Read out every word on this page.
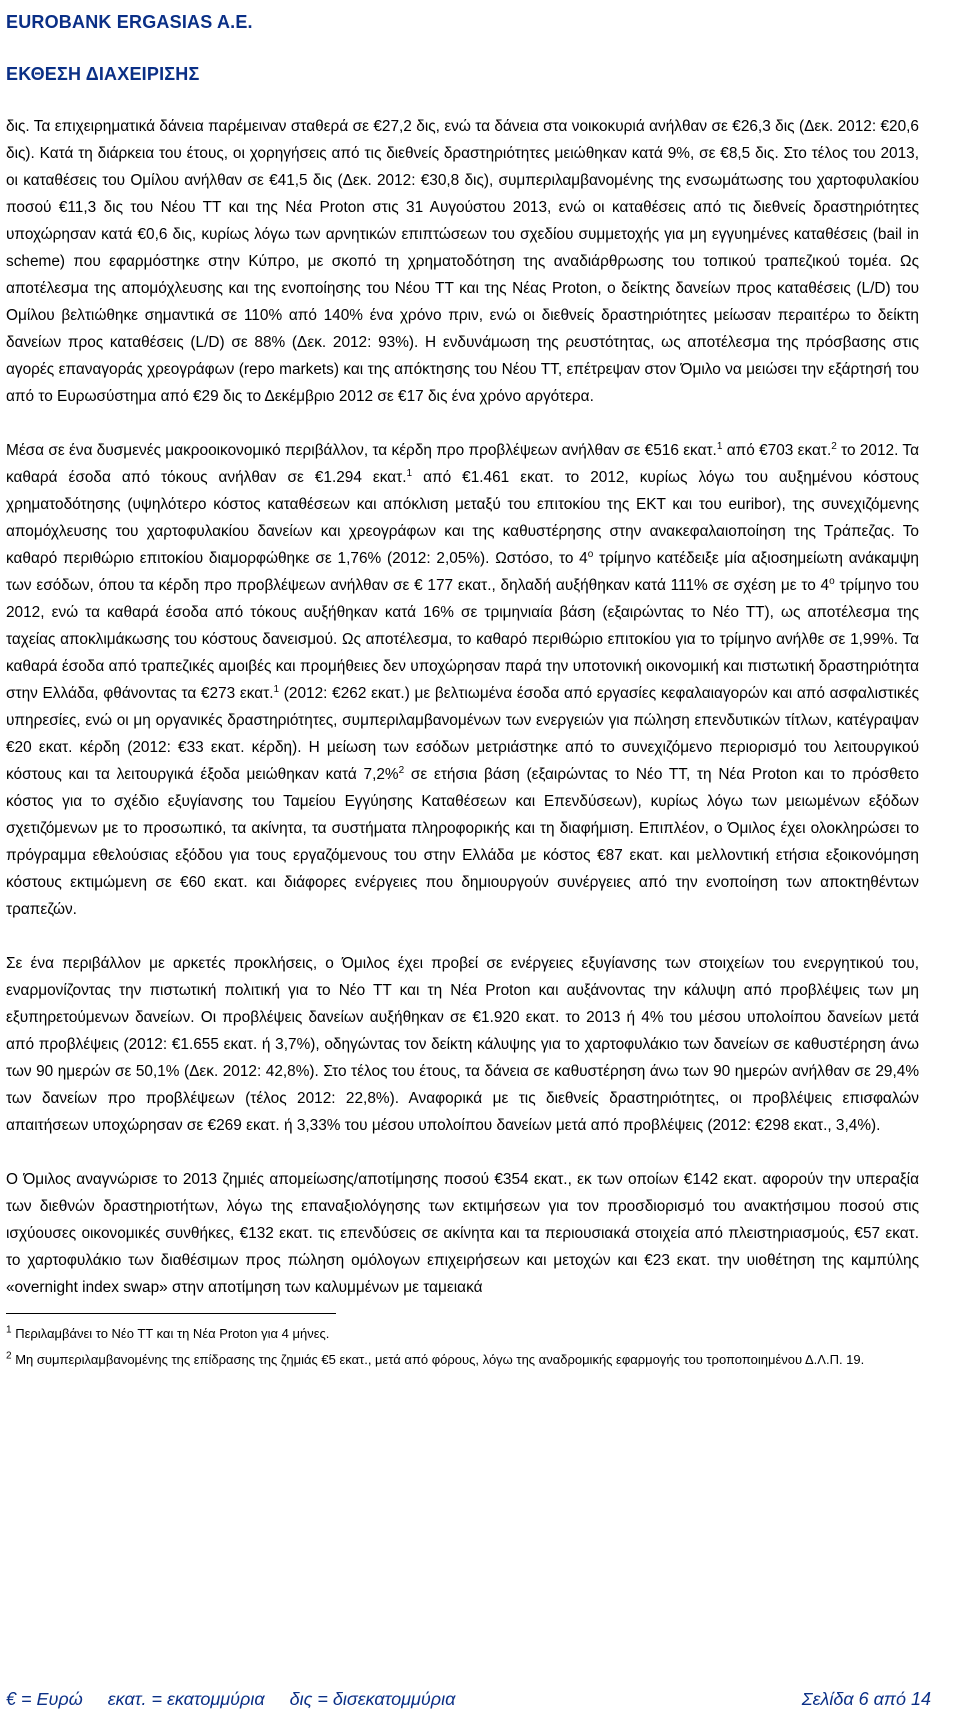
EUROBANK ERGASIAS A.E.
ΕΚΘΕΣΗ ΔΙΑΧΕΙΡΙΣΗΣ

δις. Τα επιχειρηματικά δάνεια παρέμειναν σταθερά σε €27,2 δις, ενώ τα δάνεια στα νοικοκυριά ανήλθαν σε €26,3 δις (Δεκ. 2012: €20,6 δις). Κατά τη διάρκεια του έτους, οι χορηγήσεις από τις διεθνείς δραστηριότητες μειώθηκαν κατά 9%, σε €8,5 δις. Στο τέλος του 2013, οι καταθέσεις του Ομίλου ανήλθαν σε €41,5 δις (Δεκ. 2012: €30,8 δις), συμπεριλαμβανομένης της ενσωμάτωσης του χαρτοφυλακίου ποσού €11,3 δις του Νέου ΤΤ και της Νέα Proton στις 31 Αυγούστου 2013, ενώ οι καταθέσεις από τις διεθνείς δραστηριότητες υποχώρησαν κατά €0,6 δις, κυρίως λόγω των αρνητικών επιπτώσεων του σχεδίου συμμετοχής για μη εγγυημένες καταθέσεις (bail in scheme) που εφαρμόστηκε στην Κύπρο, με σκοπό τη χρηματοδότηση της αναδιάρθρωσης του τοπικού τραπεζικού τομέα. Ως αποτέλεσμα της απομόχλευσης και της ενοποίησης του Νέου ΤΤ και της Νέας Proton, ο δείκτης δανείων προς καταθέσεις (L/D) του Ομίλου βελτιώθηκε σημαντικά σε 110% από 140% ένα χρόνο πριν, ενώ οι διεθνείς δραστηριότητες μείωσαν περαιτέρω το δείκτη δανείων προς καταθέσεις (L/D) σε 88% (Δεκ. 2012: 93%). Η ενδυνάμωση της ρευστότητας, ως αποτέλεσμα της πρόσβασης στις αγορές επαναγοράς χρεογράφων (repo markets) και της απόκτησης του Νέου ΤΤ, επέτρεψαν στον Όμιλο να μειώσει την εξάρτησή του από το Ευρωσύστημα από €29 δις το Δεκέμβριο 2012 σε €17 δις ένα χρόνο αργότερα.

Μέσα σε ένα δυσμενές μακροοικονομικό περιβάλλον, τα κέρδη προ προβλέψεων ανήλθαν σε €516 εκατ.$^1$ από €703 εκατ.$^2$ το 2012. Τα καθαρά έσοδα από τόκους ανήλθαν σε €1.294 εκατ.$^1$ από €1.461 εκατ. το 2012, κυρίως λόγω του αυξημένου κόστους χρηματοδότησης (υψηλότερο κόστος καταθέσεων και απόκλιση μεταξύ του επιτοκίου της ΕΚΤ και του euribor), της συνεχιζόμενης απομόχλευσης του χαρτοφυλακίου δανείων και χρεογράφων και της καθυστέρησης στην ανακεφαλαιοποίηση της Τράπεζας. Το καθαρό περιθώριο επιτοκίου διαμορφώθηκε σε 1,76% (2012: 2,05%). Ωστόσο, το $4^o$ τρίμηνο κατέδειξε μία αξιοσημείωτη ανάκαμψη των εσόδων, όπου τα κέρδη προ προβλέψεων ανήλθαν σε € 177 εκατ., δηλαδή αυξήθηκαν κατά 111% σε σχέση με το $4^o$ τρίμηνο του 2012, ενώ τα καθαρά έσοδα από τόκους αυξήθηκαν κατά 16% σε τριμηνιαία βάση (εξαιρώντας το Νέο ΤΤ), ως αποτέλεσμα της ταχείας αποκλιμάκωσης του κόστους δανεισμού. Ως αποτέλεσμα, το καθαρό περιθώριο επιτοκίου για το τρίμηνο ανήλθε σε 1,99%. Τα καθαρά έσοδα από τραπεζικές αμοιβές και προμήθειες δεν υποχώρησαν παρά την υποτονική οικονομική και πιστωτική δραστηριότητα στην Ελλάδα, φθάνοντας τα €273 εκατ.$^1$ (2012: €262 εκατ.) με βελτιωμένα έσοδα από εργασίες κεφαλαιαγορών και από ασφαλιστικές υπηρεσίες, ενώ οι μη οργανικές δραστηριότητες, συμπεριλαμβανομένων των ενεργειών για πώληση επενδυτικών τίτλων, κατέγραψαν €20 εκατ. κέρδη (2012: €33 εκατ. κέρδη). Η μείωση των εσόδων μετριάστηκε από το συνεχιζόμενο περιορισμό του λειτουργικού κόστους και τα λειτουργικά έξοδα μειώθηκαν κατά 7,2%$^2$ σε ετήσια βάση (εξαιρώντας το Νέο ΤΤ, τη Νέα Proton και το πρόσθετο κόστος για το σχέδιο εξυγίανσης του Ταμείου Εγγύησης Καταθέσεων και Επενδύσεων), κυρίως λόγω των μειωμένων εξόδων σχετιζόμενων με το προσωπικό, τα ακίνητα, τα συστήματα πληροφορικής και τη διαφήμιση. Επιπλέον, ο Όμιλος έχει ολοκληρώσει το πρόγραμμα εθελούσιας εξόδου για τους εργαζόμενους του στην Ελλάδα με κόστος €87 εκατ. και μελλοντική ετήσια εξοικονόμηση κόστους εκτιμώμενη σε €60 εκατ. και διάφορες ενέργειες που δημιουργούν συνέργειες από την ενοποίηση των αποκτηθέντων τραπεζών.

Σε ένα περιβάλλον με αρκετές προκλήσεις, ο Όμιλος έχει προβεί σε ενέργειες εξυγίανσης των στοιχείων του ενεργητικού του, εναρμονίζοντας την πιστωτική πολιτική για το Νέο ΤΤ και τη Νέα Proton και αυξάνοντας την κάλυψη από προβλέψεις των μη εξυπηρετούμενων δανείων. Οι προβλέψεις δανείων αυξήθηκαν σε €1.920 εκατ. το 2013 ή 4% του μέσου υπολοίπου δανείων μετά από προβλέψεις (2012: €1.655 εκατ. ή 3,7%), οδηγώντας τον δείκτη κάλυψης για το χαρτοφυλάκιο των δανείων σε καθυστέρηση άνω των 90 ημερών σε 50,1% (Δεκ. 2012: 42,8%). Στο τέλος του έτους, τα δάνεια σε καθυστέρηση άνω των 90 ημερών ανήλθαν σε 29,4% των δανείων προ προβλέψεων (τέλος 2012: 22,8%). Αναφορικά με τις διεθνείς δραστηριότητες, οι προβλέψεις επισφαλών απαιτήσεων υποχώρησαν σε €269 εκατ. ή 3,33% του μέσου υπολοίπου δανείων μετά από προβλέψεις (2012: €298 εκατ., 3,4%).

Ο Όμιλος αναγνώρισε το 2013 ζημιές απομείωσης/αποτίμησης ποσού €354 εκατ., εκ των οποίων €142 εκατ. αφορούν την υπεραξία των διεθνών δραστηριοτήτων, λόγω της επαναξιολόγησης των εκτιμήσεων για τον προσδιορισμό του ανακτήσιμου ποσού στις ισχύουσες οικονομικές συνθήκες, €132 εκατ. τις επενδύσεις σε ακίνητα και τα περιουσιακά στοιχεία από πλειστηριασμούς, €57 εκατ. το χαρτοφυλάκιο των διαθέσιμων προς πώληση ομόλογων επιχειρήσεων και μετοχών και €23 εκατ. την υιοθέτηση της καμπύλης «overnight index swap» στην αποτίμηση των καλυμμένων με ταμειακά

$^1$ Περιλαμβάνει το Νέο ΤΤ και τη Νέα Proton για 4 μήνες.

$^2$ Μη συμπεριλαμβανομένης της επίδρασης της ζημιάς €5 εκατ., μετά από φόρους, λόγω της αναδρομικής εφαρμογής του τροποποιημένου Δ.Λ.Π. 19.

€ = Ευρώ     εκατ. = εκατομμύρια     δις = δισεκατομμύρια	Σελίδα 6 από 14
